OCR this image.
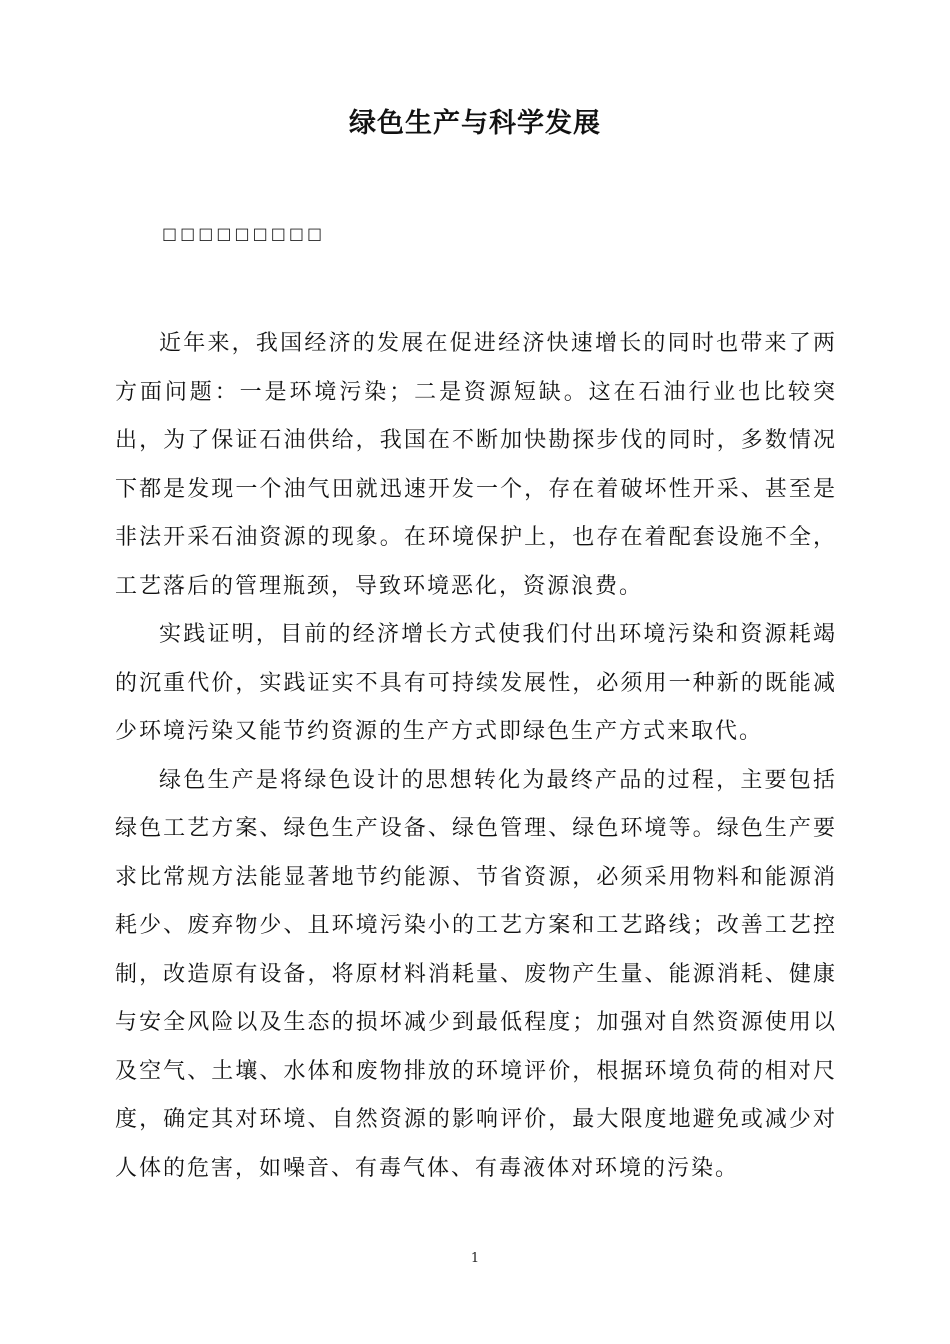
绿色生产与科学发展
□□□□□□□□□

近年来，我国经济的发展在促进经济快速增长的同时也带来了两方面问题：一是环境污染；二是资源短缺。这在石油行业也比较突出，为了保证石油供给，我国在不断加快勘探步伐的同时，多数情况下都是发现一个油气田就迅速开发一个，存在着破坏性开采、甚至是非法开采石油资源的现象。在环境保护上，也存在着配套设施不全，工艺落后的管理瓶颈，导致环境恶化，资源浪费。

实践证明，目前的经济增长方式使我们付出环境污染和资源耗竭的沉重代价，实践证实不具有可持续发展性，必须用一种新的既能减少环境污染又能节约资源的生产方式即绿色生产方式来取代。

绿色生产是将绿色设计的思想转化为最终产品的过程，主要包括绿色工艺方案、绿色生产设备、绿色管理、绿色环境等。绿色生产要求比常规方法能显著地节约能源、节省资源，必须采用物料和能源消耗少、废弃物少、且环境污染小的工艺方案和工艺路线；改善工艺控制，改造原有设备，将原材料消耗量、废物产生量、能源消耗、健康与安全风险以及生态的损坏减少到最低程度；加强对自然资源使用以及空气、土壤、水体和废物排放的环境评价，根据环境负荷的相对尺度，确定其对环境、自然资源的影响评价，最大限度地避免或减少对人体的危害，如噪音、有毒气体、有毒液体对环境的污染。

1
